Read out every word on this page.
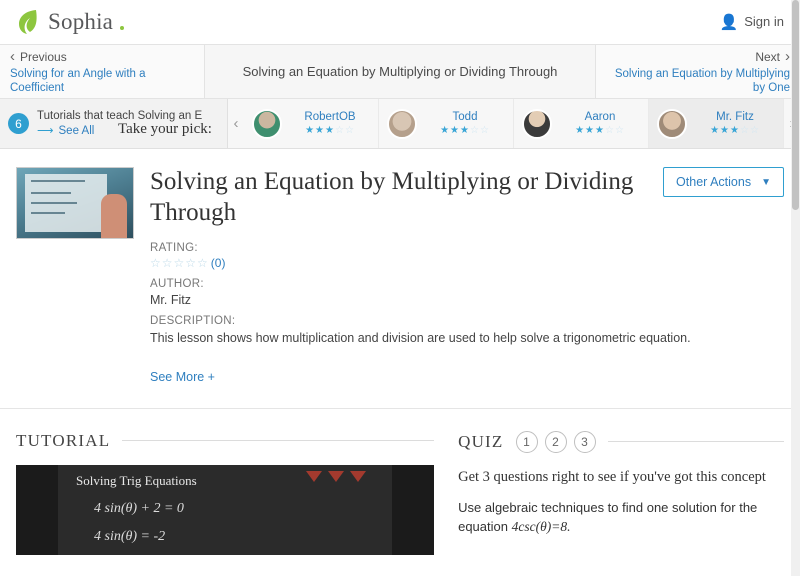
Sophia	👤 Sign in
‹ Previous
Solving for an Angle with a Coefficient
Solving an Equation by Multiplying or Dividing Through
Next ›
Solving an Equation by Multiplying by One
6
Tutorials that teach Solving an E
⟶ See All Take your pick:	‹	RobertOB
★★★☆☆
Todd
★★★☆☆
Aaron
★★★☆☆
Mr. Fitz
★★★☆☆
Solving an Equation by Multiplying or Dividing Through
RATING:
☆☆☆☆☆ (0)
AUTHOR:
Mr. Fitz
DESCRIPTION:
This lesson shows how multiplication and division are used to help solve a trigonometric equation.
See More +
Other Actions ▼
TUTORIAL
Solving Trig Equations
4 sin(θ) + 2 = 0
4 sin(θ) = -2
QUIZ	1	2	3
Get 3 questions right to see if you've got this concept
Use algebraic techniques to find one solution for the equation 4csc(θ)=8.
